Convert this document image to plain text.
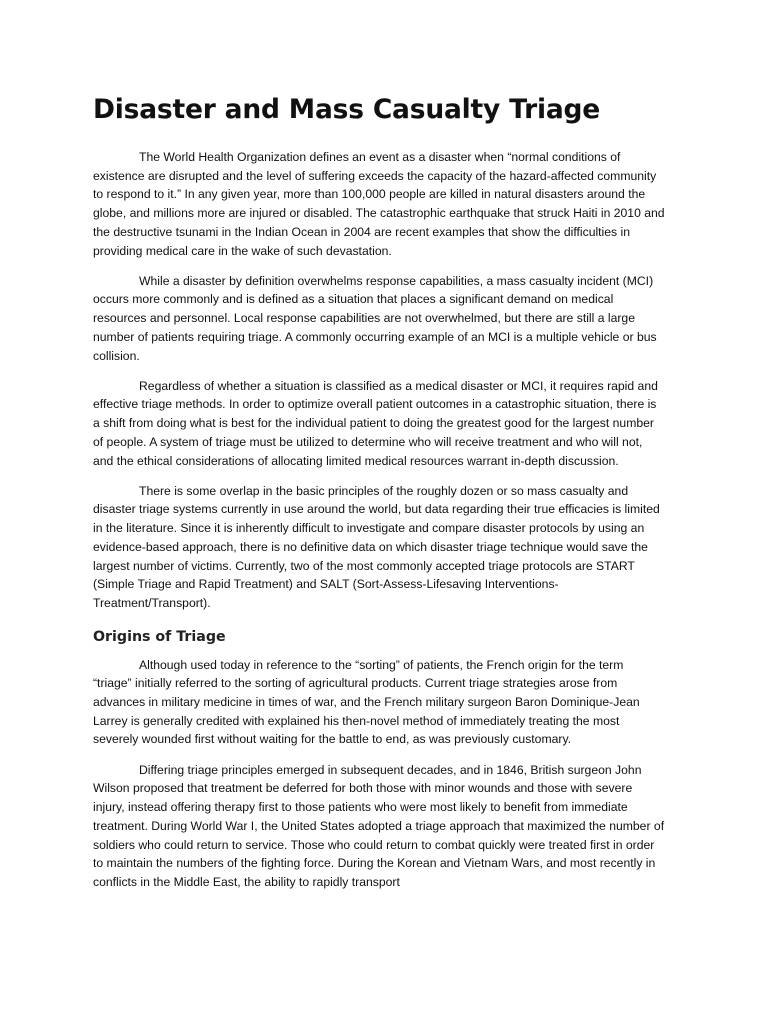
Disaster and Mass Casualty Triage

The World Health Organization defines an event as a disaster when “normal conditions of existence are disrupted and the level of suffering exceeds the capacity of the hazard-affected community to respond to it.” In any given year, more than 100,000 people are killed in natural disasters around the globe, and millions more are injured or disabled. The catastrophic earthquake that struck Haiti in 2010 and the destructive tsunami in the Indian Ocean in 2004 are recent examples that show the difficulties in providing medical care in the wake of such devastation.

While a disaster by definition overwhelms response capabilities, a mass casualty incident (MCI) occurs more commonly and is defined as a situation that places a significant demand on medical resources and personnel. Local response capabilities are not overwhelmed, but there are still a large number of patients requiring triage. A commonly occurring example of an MCI is a multiple vehicle or bus collision.

Regardless of whether a situation is classified as a medical disaster or MCI, it requires rapid and effective triage methods. In order to optimize overall patient outcomes in a catastrophic situation, there is a shift from doing what is best for the individual patient to doing the greatest good for the largest number of people. A system of triage must be utilized to determine who will receive treatment and who will not, and the ethical considerations of allocating limited medical resources warrant in-depth discussion.

There is some overlap in the basic principles of the roughly dozen or so mass casualty and disaster triage systems currently in use around the world, but data regarding their true efficacies is limited in the literature. Since it is inherently difficult to investigate and compare disaster protocols by using an evidence-based approach, there is no definitive data on which disaster triage technique would save the largest number of victims. Currently, two of the most commonly accepted triage protocols are START (Simple Triage and Rapid Treatment) and SALT (Sort-Assess-Lifesaving Interventions-Treatment/Transport).

Origins of Triage

Although used today in reference to the “sorting” of patients, the French origin for the term “triage” initially referred to the sorting of agricultural products. Current triage strategies arose from advances in military medicine in times of war, and the French military surgeon Baron Dominique-Jean Larrey is generally credited with explained his then-novel method of immediately treating the most severely wounded first without waiting for the battle to end, as was previously customary.

Differing triage principles emerged in subsequent decades, and in 1846, British surgeon John Wilson proposed that treatment be deferred for both those with minor wounds and those with severe injury, instead offering therapy first to those patients who were most likely to benefit from immediate treatment. During World War I, the United States adopted a triage approach that maximized the number of soldiers who could return to service. Those who could return to combat quickly were treated first in order to maintain the numbers of the fighting force. During the Korean and Vietnam Wars, and most recently in conflicts in the Middle East, the ability to rapidly transport
